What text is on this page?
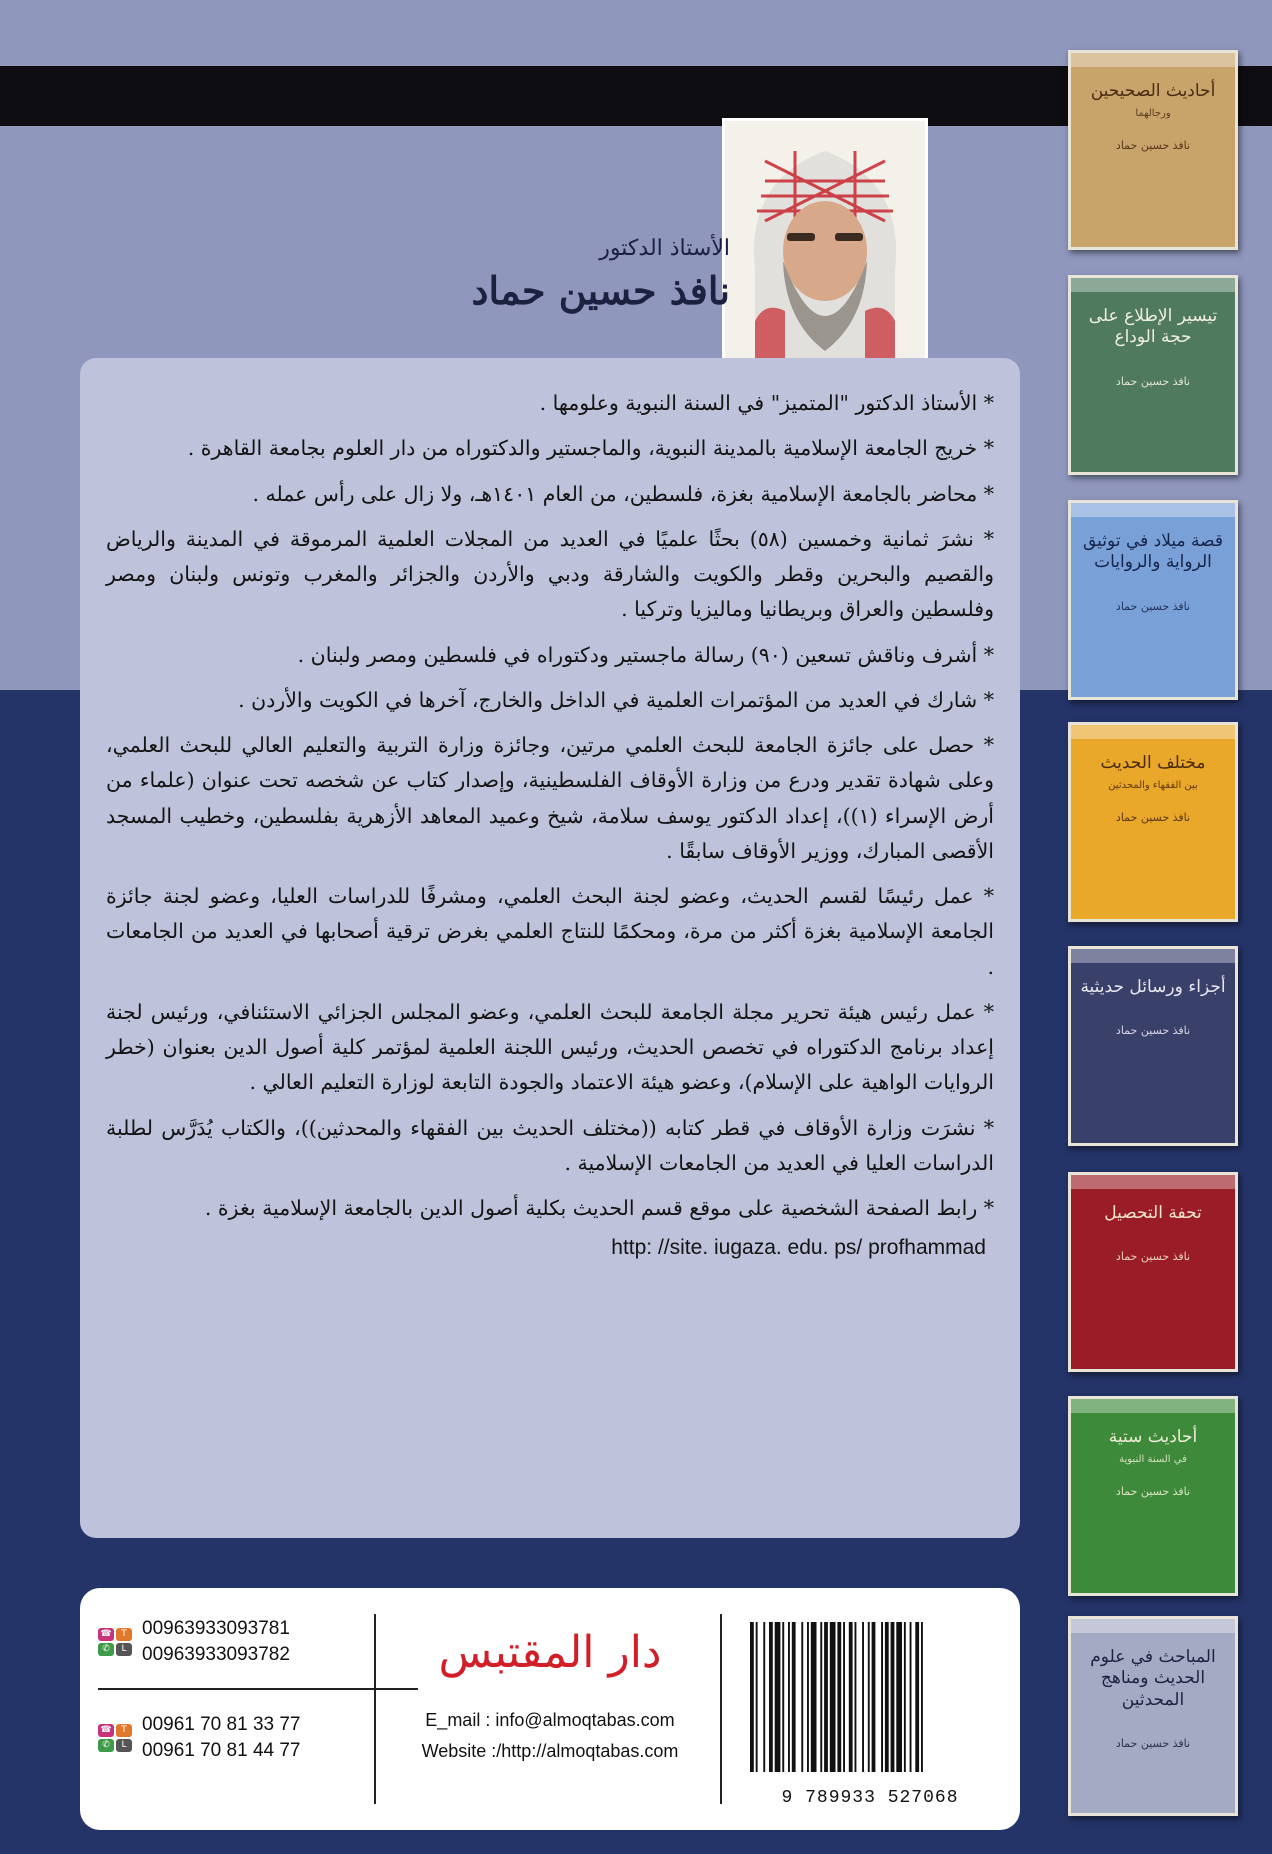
أحاديث الصحيحين
ورجالهما
نافذ حسين حماد
تيسير الإطلاع على حجة الوداع
نافذ حسين حماد
قصة ميلاد في توثيق الرواية والروايات
نافذ حسين حماد
مختلف الحديث
بين الفقهاء والمحدثين
نافذ حسين حماد
أجزاء ورسائل حديثية
نافذ حسين حماد
تحفة التحصيل
نافذ حسين حماد
أحاديث ستية
في السنة النبوية
نافذ حسين حماد
المباحث في علوم الحديث ومناهج المحدثين
نافذ حسين حماد
الأستاذ الدكتور
نافذ حسين حماد

* الأستاذ الدكتور "المتميز" في السنة النبوية وعلومها .

* خريج الجامعة الإسلامية بالمدينة النبوية، والماجستير والدكتوراه من دار العلوم بجامعة القاهرة .

* محاضر بالجامعة الإسلامية بغزة، فلسطين، من العام ١٤٠١هـ، ولا زال على رأس عمله .

* نشرَ ثمانية وخمسين (٥٨) بحثًا علميًا في العديد من المجلات العلمية المرموقة في المدينة والرياض والقصيم والبحرين وقطر والكويت والشارقة ودبي والأردن والجزائر والمغرب وتونس ولبنان ومصر وفلسطين والعراق وبريطانيا وماليزيا وتركيا .

* أشرف وناقش تسعين (٩٠) رسالة ماجستير ودكتوراه في فلسطين ومصر ولبنان .

* شارك في العديد من المؤتمرات العلمية في الداخل والخارج، آخرها في الكويت والأردن .

* حصل على جائزة الجامعة للبحث العلمي مرتين، وجائزة وزارة التربية والتعليم العالي للبحث العلمي، وعلى شهادة تقدير ودرع من وزارة الأوقاف الفلسطينية، وإصدار كتاب عن شخصه تحت عنوان (علماء من أرض الإسراء (١))، إعداد الدكتور يوسف سلامة، شيخ وعميد المعاهد الأزهرية بفلسطين، وخطيب المسجد الأقصى المبارك، ووزير الأوقاف سابقًا .

* عمل رئيسًا لقسم الحديث، وعضو لجنة البحث العلمي، ومشرفًا للدراسات العليا، وعضو لجنة جائزة الجامعة الإسلامية بغزة أكثر من مرة، ومحكمًا للنتاج العلمي بغرض ترقية أصحابها في العديد من الجامعات .

* عمل رئيس هيئة تحرير مجلة الجامعة للبحث العلمي، وعضو المجلس الجزائي الاستئنافي، ورئيس لجنة إعداد برنامج الدكتوراه في تخصص الحديث، ورئيس اللجنة العلمية لمؤتمر كلية أصول الدين بعنوان (خطر الروايات الواهية على الإسلام)، وعضو هيئة الاعتماد والجودة التابعة لوزارة التعليم العالي .

* نشرَت وزارة الأوقاف في قطر كتابه ((مختلف الحديث بين الفقهاء والمحدثين))، والكتاب يُدَرَّس لطلبة الدراسات العليا في العديد من الجامعات الإسلامية .

* رابط الصفحة الشخصية على موقع قسم الحديث بكلية أصول الدين بالجامعة الإسلامية بغزة .

http: //site. iugaza. edu. ps/ profhammad
☎	T
✆	L
00963933093781
00963933093782
☎	T
✆	L
00961 70 81 33 77
00961 70 81 44 77
دار المقتبس
E_mail : info@almoqtabas.com
Website :/http://almoqtabas.com
9 789933 527068
